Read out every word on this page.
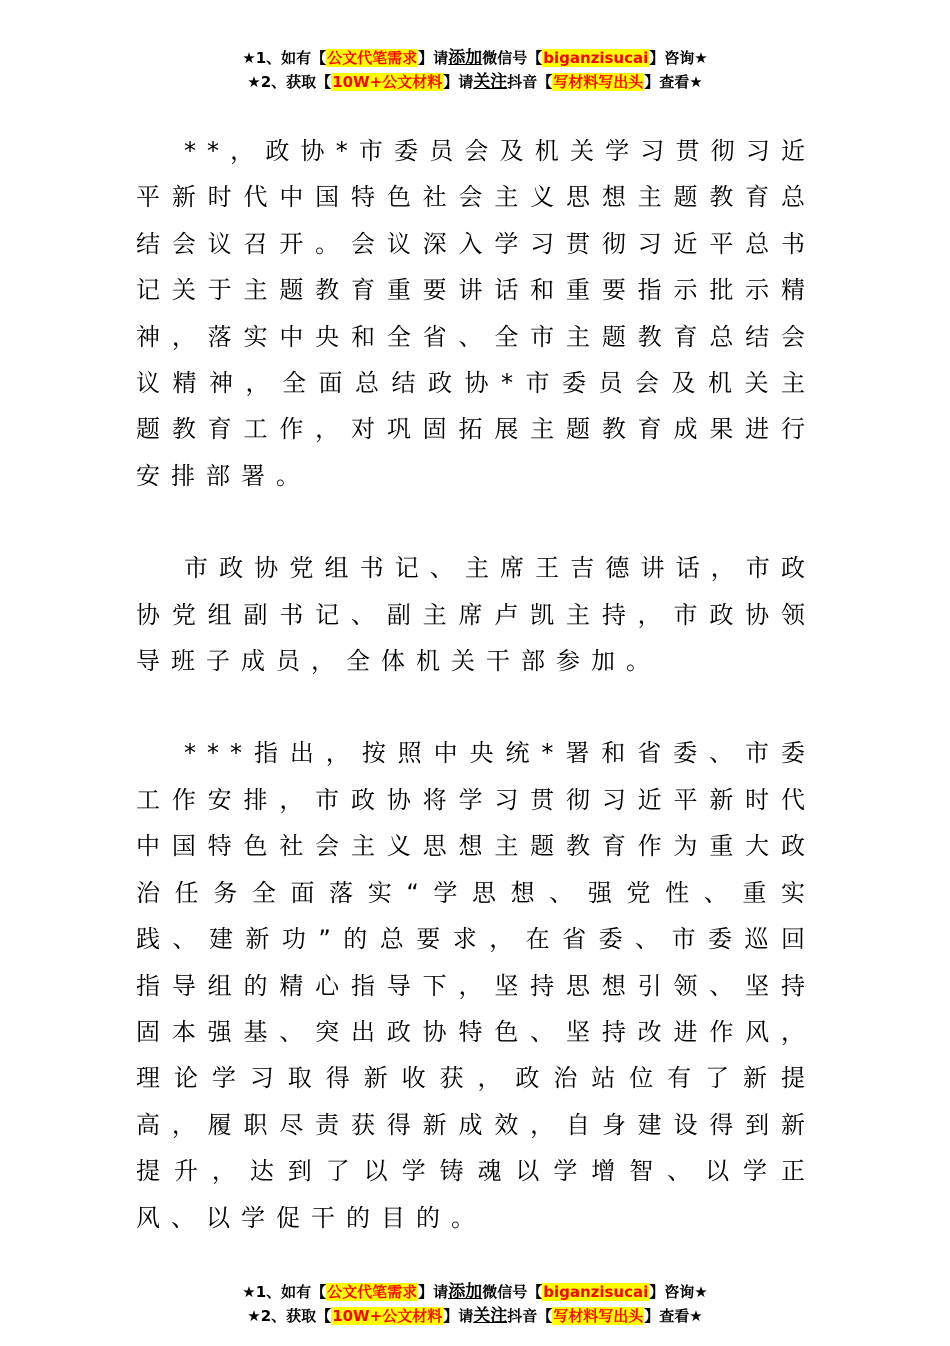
★1、如有【公文代笔需求】请添加微信号【biganzisucai】咨询★
★2、获取【10W+公文材料】请关注抖音【写材料写出头】查看★

**，政协*市委员会及机关学习贯彻习近平新时代中国特色社会主义思想主题教育总结会议召开。会议深入学习贯彻习近平总书记关于主题教育重要讲话和重要指示批示精神，落实中央和全省、全市主题教育总结会议精神，全面总结政协*市委员会及机关主题教育工作，对巩固拓展主题教育成果进行安排部署。

市政协党组书记、主席王吉德讲话，市政协党组副书记、副主席卢凯主持，市政协领导班子成员，全体机关干部参加。

***指出，按照中央统*署和省委、市委工作安排，市政协将学习贯彻习近平新时代中国特色社会主义思想主题教育作为重大政治任务全面落实“学思想、强党性、重实践、建新功”的总要求，在省委、市委巡回指导组的精心指导下，坚持思想引领、坚持固本强基、突出政协特色、坚持改进作风，理论学习取得新收获，政治站位有了新提高，履职尽责获得新成效，自身建设得到新提升，达到了以学铸魂以学增智、以学正风、以学促干的目的。

★1、如有【公文代笔需求】请添加微信号【biganzisucai】咨询★
★2、获取【10W+公文材料】请关注抖音【写材料写出头】查看★
